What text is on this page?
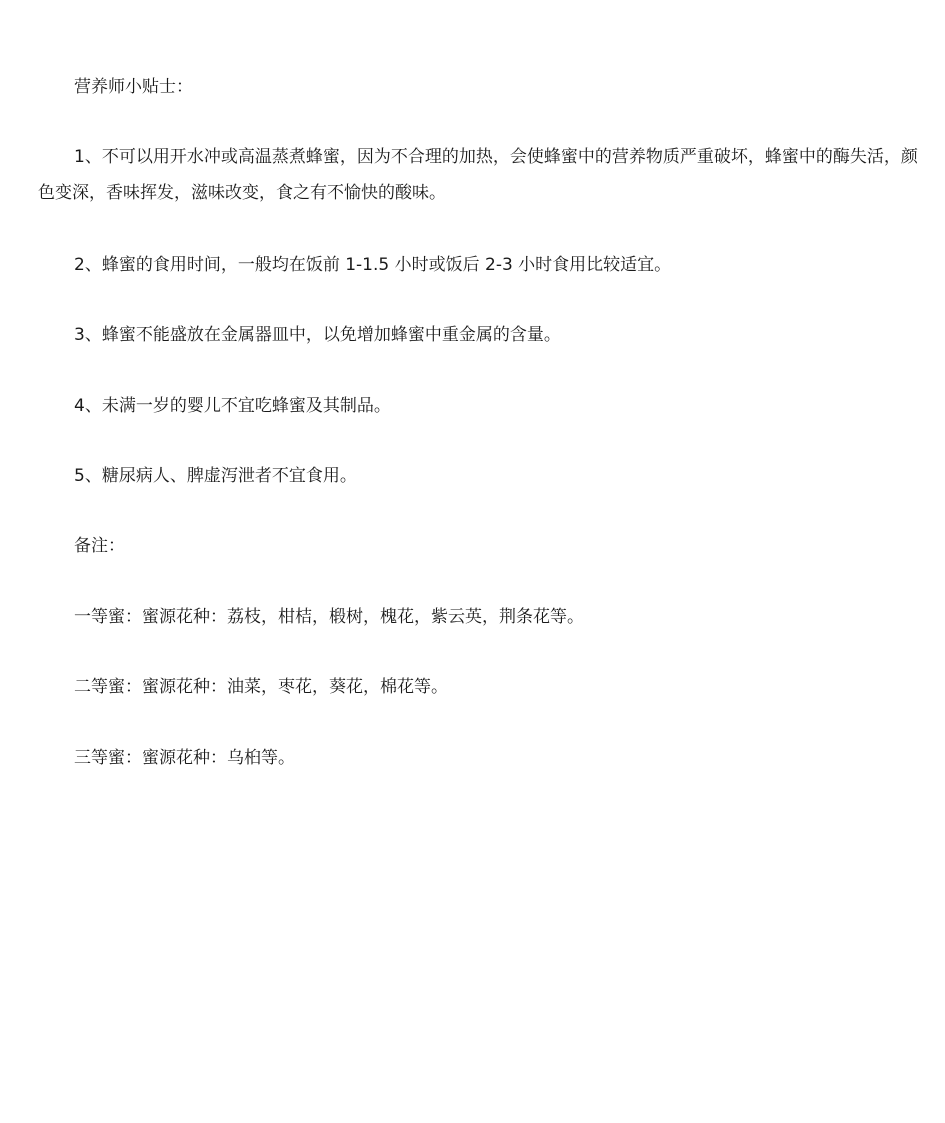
营养师小贴士：

1、不可以用开水冲或高温蒸煮蜂蜜，因为不合理的加热，会使蜂蜜中的营养物质严重破坏，蜂蜜中的酶失活，颜色变深，香味挥发，滋味改变，食之有不愉快的酸味。

2、蜂蜜的食用时间，一般均在饭前 1-1.5 小时或饭后 2-3 小时食用比较适宜。

3、蜂蜜不能盛放在金属器皿中，以免增加蜂蜜中重金属的含量。

4、未满一岁的婴儿不宜吃蜂蜜及其制品。

5、糖尿病人、脾虚泻泄者不宜食用。

备注：

一等蜜：蜜源花种：荔枝，柑桔，椴树，槐花，紫云英，荆条花等。

二等蜜：蜜源花种：油菜，枣花，葵花，棉花等。

三等蜜：蜜源花种：乌桕等。
